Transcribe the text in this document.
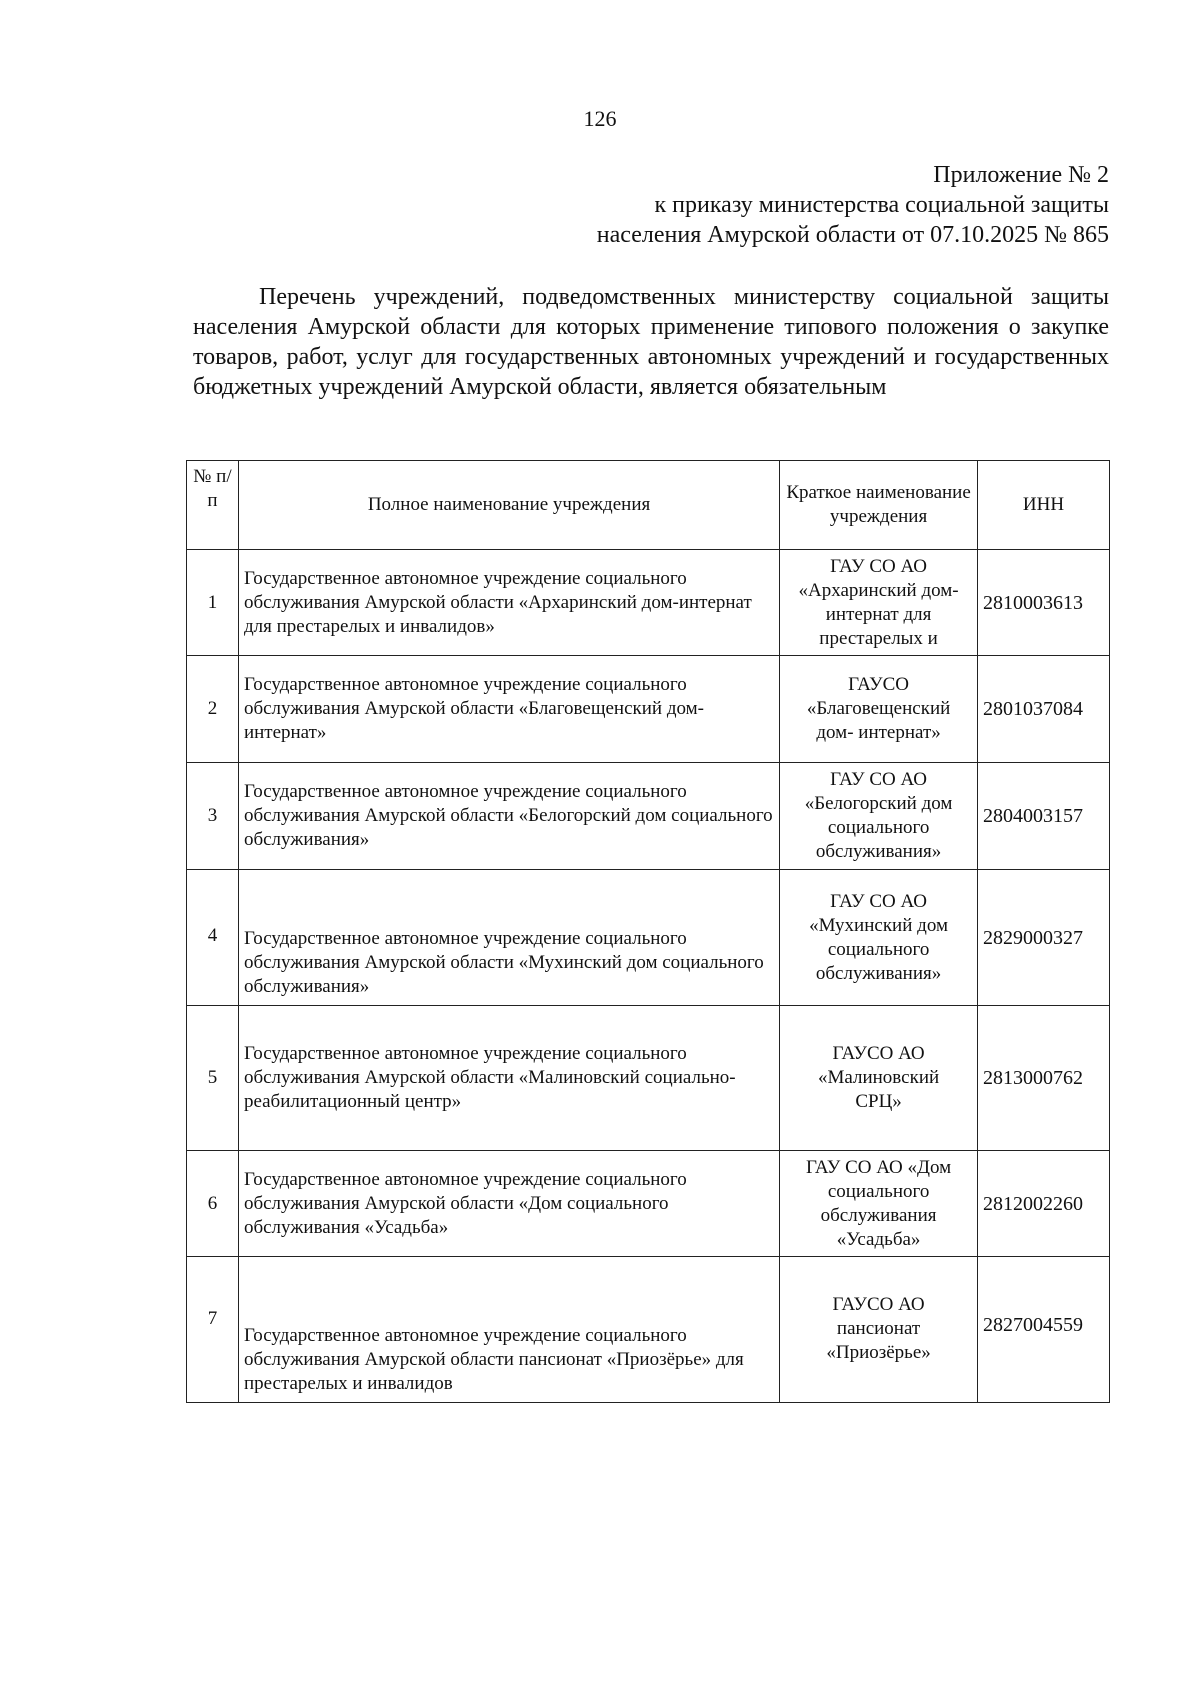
126
Приложение № 2
к приказу министерства социальной защиты
населения Амурской области от 07.10.2025 № 865

Перечень учреждений, подведомственных министерству социальной защиты населения Амурской области для которых применение типового положения о закупке товаров, работ, услуг для государственных автономных учреждений и государственных бюджетных учреждений Амурской области, является обязательным

№ п/п	Полное наименование учреждения	Краткое наименование учреждения	ИНН
1	Государственное автономное учреждение социального обслуживания Амурской области «Архаринский дом-интернат для престарелых и инвалидов»	ГАУ СО АО
«Архаринский дом-
интернат для
престарелых и	2810003613
2	Государственное автономное учреждение социального обслуживания Амурской области «Благовещенский дом-интернат»	ГАУСО
«Благовещенский
дом- интернат»	2801037084
3	Государственное автономное учреждение социального обслуживания Амурской области «Белогорский дом социального обслуживания»	ГАУ СО АО
«Белогорский дом
социального
обслуживания»	2804003157
4	Государственное автономное учреждение социального обслуживания Амурской области «Мухинский дом социального обслуживания»	ГАУ СО АО
«Мухинский дом
социального
обслуживания»	2829000327
5	Государственное автономное учреждение социального обслуживания Амурской области «Малиновский социально- реабилитационный центр»	ГАУСО АО
«Малиновский
СРЦ»	2813000762
6	Государственное автономное учреждение социального обслуживания Амурской области «Дом социального обслуживания «Усадьба»	ГАУ СО АО «Дом
социального
обслуживания
«Усадьба»	2812002260
7	Государственное автономное учреждение социального обслуживания Амурской области пансионат «Приозёрье» для престарелых и инвалидов	ГАУСО АО
пансионат
«Приозёрье»	2827004559
